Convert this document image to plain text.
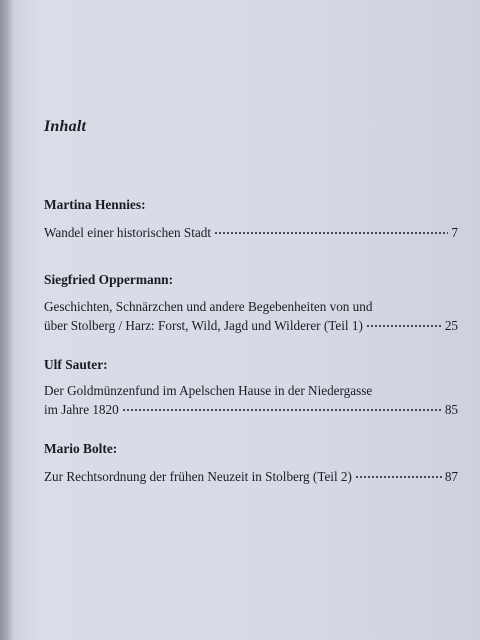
Inhalt
Martina Hennies:
Wandel einer historischen Stadt	7
Siegfried Oppermann:
Geschichten, Schnärzchen und andere Begebenheiten von und
über Stolberg / Harz: Forst, Wild, Jagd und Wilderer (Teil 1)	25
Ulf Sauter:
Der Goldmünzenfund im Apelschen Hause in der Niedergasse
im Jahre 1820	85
Mario Bolte:
Zur Rechtsordnung der frühen Neuzeit in Stolberg (Teil 2)	87
